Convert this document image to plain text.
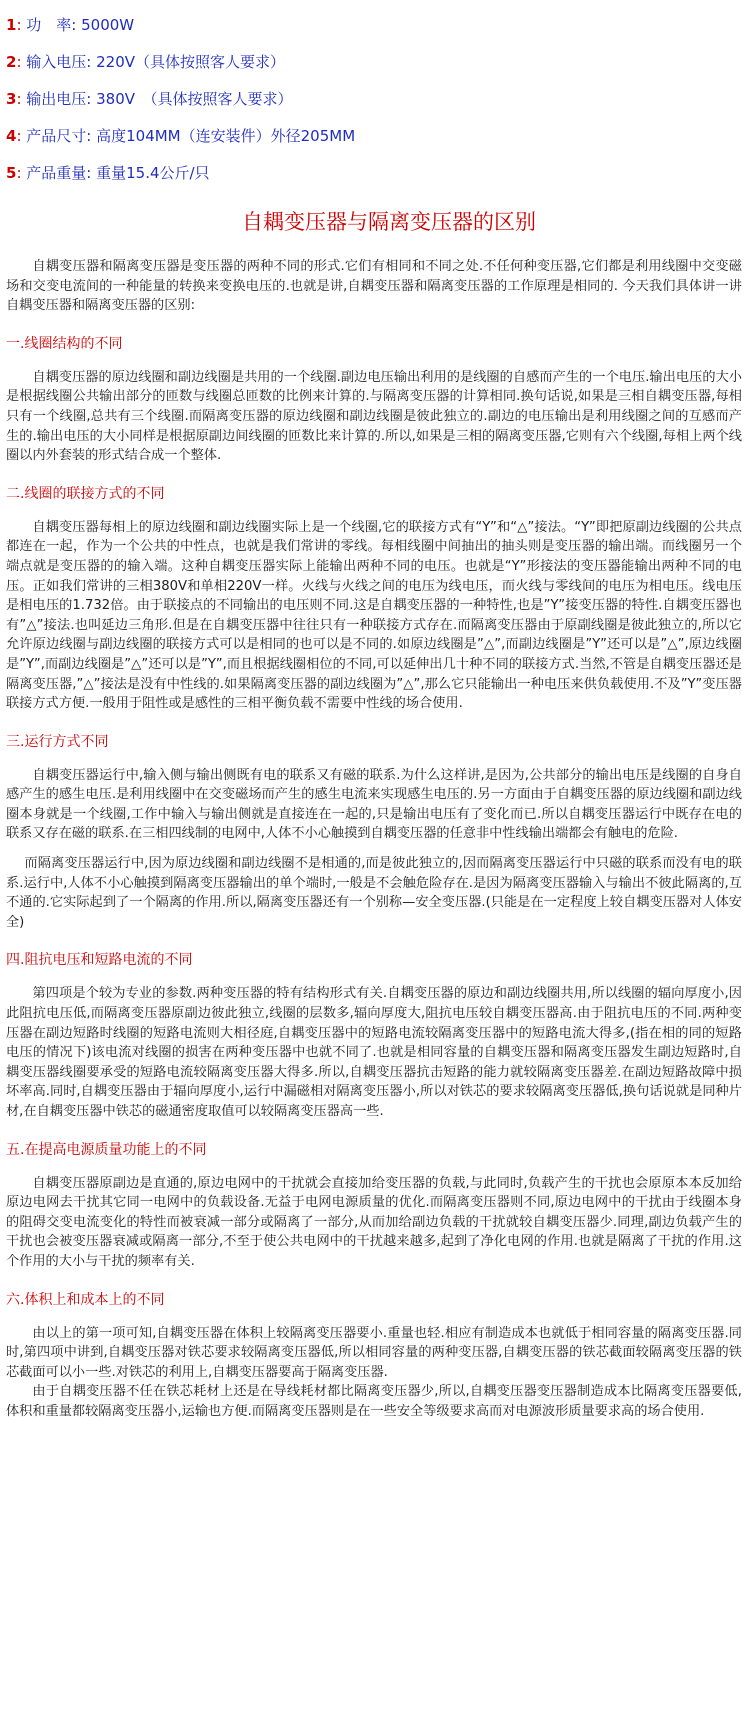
1: 功　率: 5000W
2: 输入电压: 220V（具体按照客人要求）
3: 输出电压: 380V　（具体按照客人要求）
4: 产品尺寸: 高度104MM（连安装件）外径205MM
5: 产品重量: 重量15.4公斤/只
自耦变压器与隔离变压器的区别

自耦变压器和隔离变压器是变压器的两种不同的形式.它们有相同和不同之处.不任何种变压器,它们都是利用线圈中交变磁场和交变电流间的一种能量的转换来变换电压的.也就是讲,自耦变压器和隔离变压器的工作原理是相同的. 今天我们具体讲一讲自耦变压器和隔离变压器的区别:

一.线圈结构的不同

自耦变压器的原边线圈和副边线圈是共用的一个线圈.副边电压输出利用的是线圈的自感而产生的一个电压.输出电压的大小是根据线圈公共输出部分的匝数与线圈总匝数的比例来计算的.与隔离变压器的计算相同.换句话说,如果是三相自耦变压器,每相只有一个线圈,总共有三个线圈.而隔离变压器的原边线圈和副边线圈是彼此独立的.副边的电压输出是利用线圈之间的互感而产生的.输出电压的大小同样是根据原副边间线圈的匝数比来计算的.所以,如果是三相的隔离变压器,它则有六个线圈,每相上两个线圈以内外套装的形式结合成一个整体.

二.线圈的联接方式的不同

自耦变压器每相上的原边线圈和副边线圈实际上是一个线圈,它的联接方式有“Y”和“△”接法。“Y”即把原副边线圈的公共点都连在一起，作为一个公共的中性点，也就是我们常讲的零线。每相线圈中间抽出的抽头则是变压器的输出端。而线圈另一个端点就是变压器的的输入端。这种自耦变压器实际上能输出两种不同的电压。也就是“Y”形接法的变压器能输出两种不同的电压。正如我们常讲的三相380V和单相220V一样。火线与火线之间的电压为线电压，而火线与零线间的电压为相电压。线电压是相电压的1.732倍。由于联接点的不同输出的电压则不同.这是自耦变压器的一种特性,也是”Y”接变压器的特性.自耦变压器也有”△”接法.也叫延边三角形.但是在自耦变压器中往往只有一种联接方式存在.而隔离变压器由于原副线圈是彼此独立的,所以它允许原边线圈与副边线圈的联接方式可以是相同的也可以是不同的.如原边线圈是”△”,而副边线圈是”Y”还可以是”△”,原边线圈是”Y”,而副边线圈是”△”还可以是”Y”,而且根据线圈相位的不同,可以延伸出几十种不同的联接方式.当然,不管是自耦变压器还是隔离变压器,”△”接法是没有中性线的.如果隔离变压器的副边线圈为”△”,那么它只能输出一种电压来供负载使用.不及”Y”变压器联接方式方便.一般用于阻性或是感性的三相平衡负载不需要中性线的场合使用.

三.运行方式不同

自耦变压器运行中,输入侧与输出侧既有电的联系又有磁的联系.为什么这样讲,是因为,公共部分的输出电压是线圈的自身自感产生的感生电压.是利用线圈中在交变磁场而产生的感生电流来实现感生电压的.另一方面由于自耦变压器的原边线圈和副边线圈本身就是一个线圈,工作中输入与输出侧就是直接连在一起的,只是输出电压有了变化而已.所以自耦变压器运行中既存在电的联系又存在磁的联系.在三相四线制的电网中,人体不小心触摸到自耦变压器的任意非中性线输出端都会有触电的危险.

而隔离变压器运行中,因为原边线圈和副边线圈不是相通的,而是彼此独立的,因而隔离变压器运行中只磁的联系而没有电的联系.运行中,人体不小心触摸到隔离变压器输出的单个端时,一般是不会触危险存在.是因为隔离变压器输入与输出不彼此隔离的,互不通的.它实际起到了一个隔离的作用.所以,隔离变压器还有一个别称—安全变压器.(只能是在一定程度上较自耦变压器对人体安全)

四.阻抗电压和短路电流的不同

第四项是个较为专业的参数.两种变压器的特有结构形式有关.自耦变压器的原边和副边线圈共用,所以线圈的辐向厚度小,因此阻抗电压低,而隔离变压器原副边彼此独立,线圈的层数多,辐向厚度大,阻抗电压较自耦变压器高.由于阻抗电压的不同.两种变压器在副边短路时线圈的短路电流则大相径庭,自耦变压器中的短路电流较隔离变压器中的短路电流大得多,(指在相的同的短路电压的情况下)该电流对线圈的损害在两种变压器中也就不同了.也就是相同容量的自耦变压器和隔离变压器发生副边短路时,自耦变压器线圈要承受的短路电流较隔离变压器大得多.所以,自耦变压器抗击短路的能力就较隔离变压器差.在副边短路故障中损坏率高.同时,自耦变压器由于辐向厚度小,运行中漏磁相对隔离变压器小,所以对铁芯的要求较隔离变压器低,换句话说就是同种片材,在自耦变压器中铁芯的磁通密度取值可以较隔离变压器高一些.

五.在提高电源质量功能上的不同

自耦变压器原副边是直通的,原边电网中的干扰就会直接加给变压器的负载,与此同时,负载产生的干扰也会原原本本反加给原边电网去干扰其它同一电网中的负载设备.无益于电网电源质量的优化.而隔离变压器则不同,原边电网中的干扰由于线圈本身的阻碍交变电流变化的特性而被衰减一部分或隔离了一部分,从而加给副边负载的干扰就较自耦变压器少.同理,副边负载产生的干扰也会被变压器衰减或隔离一部分,不至于使公共电网中的干扰越来越多,起到了净化电网的作用.也就是隔离了干扰的作用.这个作用的大小与干扰的频率有关.

六.体积上和成本上的不同

由以上的第一项可知,自耦变压器在体积上较隔离变压器要小.重量也轻.相应有制造成本也就低于相同容量的隔离变压器.同时,第四项中讲到,自耦变压器对铁芯要求较隔离变压器低,所以相同容量的两种变压器,自耦变压器的铁芯截面较隔离变压器的铁芯截面可以小一些.对铁芯的利用上,自耦变压器要高于隔离变压器.

由于自耦变压器不任在铁芯耗材上还是在导线耗材都比隔离变压器少,所以,自耦变压器变压器制造成本比隔离变压器要低,体积和重量都较隔离变压器小,运输也方便.而隔离变压器则是在一些安全等级要求高而对电源波形质量要求高的场合使用.
